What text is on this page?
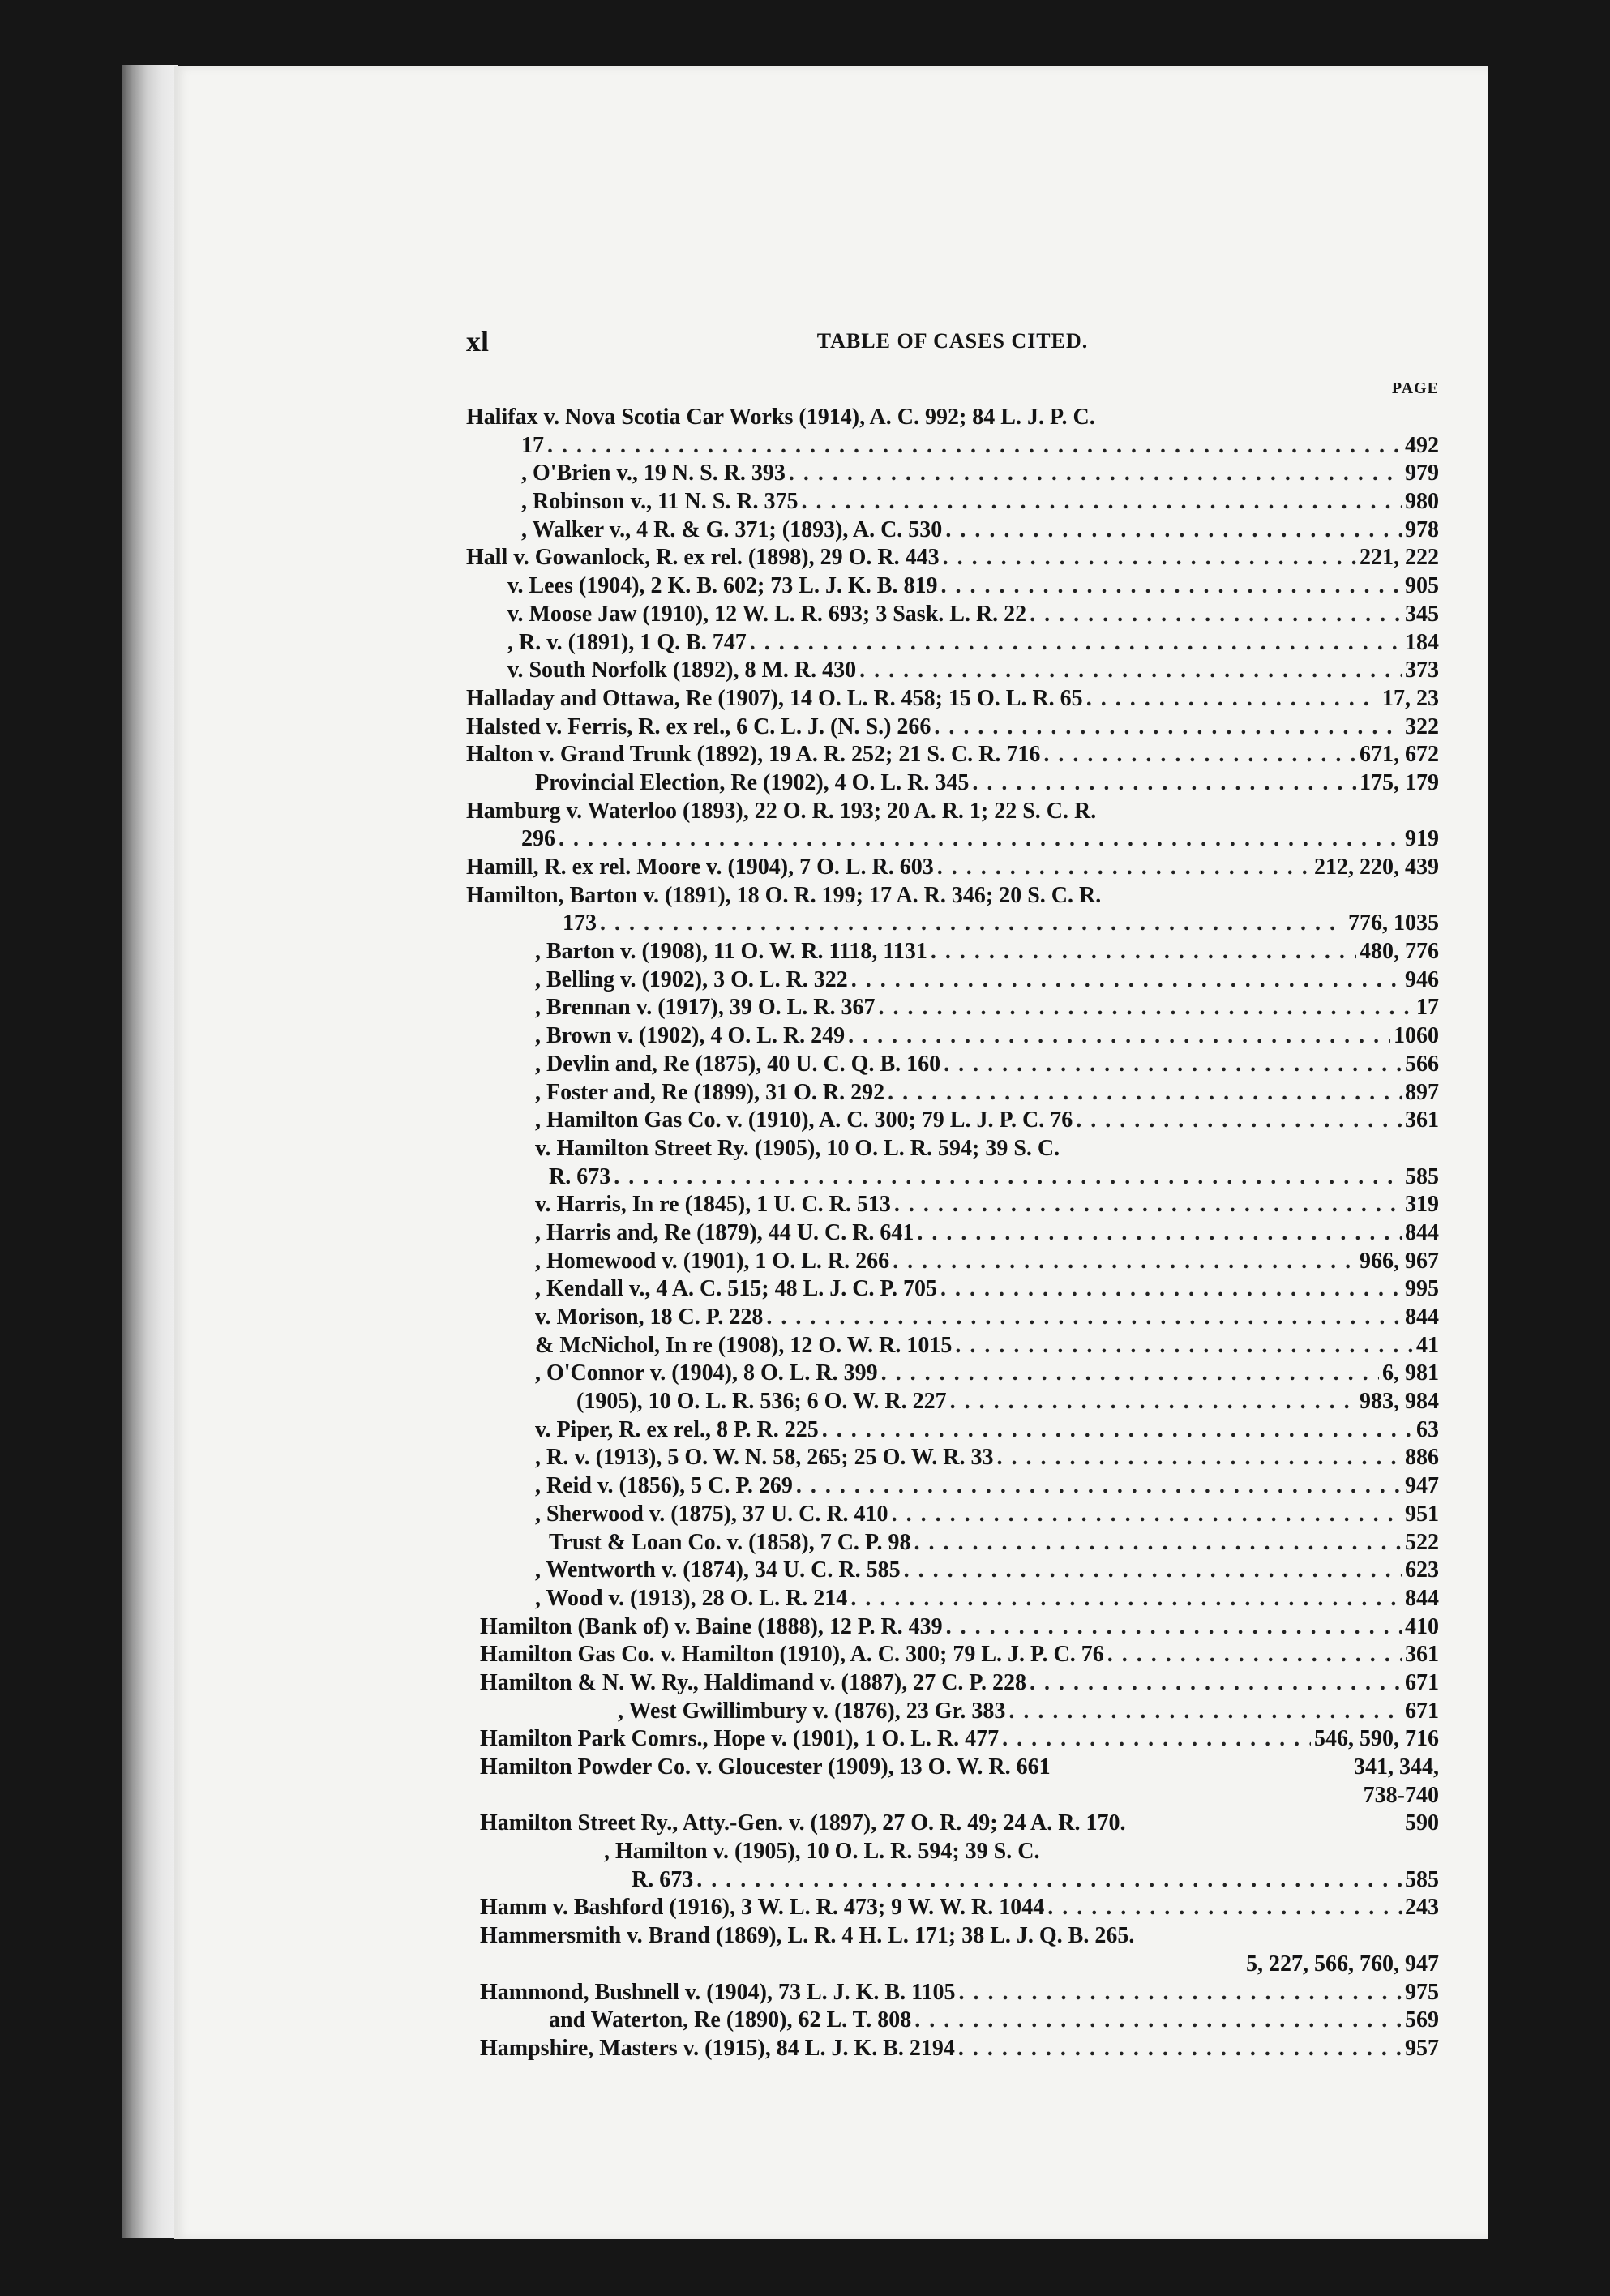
xl	TABLE OF CASES CITED.
PAGE
Halifax v. Nova Scotia Car Works (1914), A. C. 992; 84 L. J. P. C.
17 . . .	492
, O'Brien v., 19 N. S. R. 393 . . .	979
, Robinson v., 11 N. S. R. 375 . . .	980
, Walker v., 4 R. & G. 371; (1893), A. C. 530 . . .	978
Hall v. Gowanlock, R. ex rel. (1898), 29 O. R. 443 . . .	221, 222
v. Lees (1904), 2 K. B. 602; 73 L. J. K. B. 819 . . .	905
v. Moose Jaw (1910), 12 W. L. R. 693; 3 Sask. L. R. 22 . . .	345
, R. v. (1891), 1 Q. B. 747 . . .	184
v. South Norfolk (1892), 8 M. R. 430 . . .	373
Halladay and Ottawa, Re (1907), 14 O. L. R. 458; 15 O. L. R. 65 . . .	17, 23
Halsted v. Ferris, R. ex rel., 6 C. L. J. (N. S.) 266 . . .	322
Halton v. Grand Trunk (1892), 19 A. R. 252; 21 S. C. R. 716 . . .	671, 672
Provincial Election, Re (1902), 4 O. L. R. 345 . . .	175, 179
Hamburg v. Waterloo (1893), 22 O. R. 193; 20 A. R. 1; 22 S. C. R.
296 . . .	919
Hamill, R. ex rel. Moore v. (1904), 7 O. L. R. 603 . . .	212, 220, 439
Hamilton, Barton v. (1891), 18 O. R. 199; 17 A. R. 346; 20 S. C. R.
173 . . .	776, 1035
, Barton v. (1908), 11 O. W. R. 1118, 1131 . . .	480, 776
, Belling v. (1902), 3 O. L. R. 322 . . .	946
, Brennan v. (1917), 39 O. L. R. 367 . . .	17
, Brown v. (1902), 4 O. L. R. 249 . . .	1060
, Devlin and, Re (1875), 40 U. C. Q. B. 160 . . .	566
, Foster and, Re (1899), 31 O. R. 292 . . .	897
, Hamilton Gas Co. v. (1910), A. C. 300; 79 L. J. P. C. 76 . . .	361
v. Hamilton Street Ry. (1905), 10 O. L. R. 594; 39 S. C.
R. 673 . . .	585
v. Harris, In re (1845), 1 U. C. R. 513 . . .	319
, Harris and, Re (1879), 44 U. C. R. 641 . . .	844
, Homewood v. (1901), 1 O. L. R. 266 . . .	966, 967
, Kendall v., 4 A. C. 515; 48 L. J. C. P. 705 . . .	995
v. Morison, 18 C. P. 228 . . .	844
& McNichol, In re (1908), 12 O. W. R. 1015 . . .	41
, O'Connor v. (1904), 8 O. L. R. 399 . . .	6, 981
(1905), 10 O. L. R. 536; 6 O. W. R. 227 . . .	983, 984
v. Piper, R. ex rel., 8 P. R. 225 . . .	63
, R. v. (1913), 5 O. W. N. 58, 265; 25 O. W. R. 33 . . .	886
, Reid v. (1856), 5 C. P. 269 . . .	947
, Sherwood v. (1875), 37 U. C. R. 410 . . .	951
Trust & Loan Co. v. (1858), 7 C. P. 98 . . .	522
, Wentworth v. (1874), 34 U. C. R. 585 . . .	623
, Wood v. (1913), 28 O. L. R. 214 . . .	844
Hamilton (Bank of) v. Baine (1888), 12 P. R. 439 . . .	410
Hamilton Gas Co. v. Hamilton (1910), A. C. 300; 79 L. J. P. C. 76 . . .	361
Hamilton & N. W. Ry., Haldimand v. (1887), 27 C. P. 228 . . .	671
, West Gwillimbury v. (1876), 23 Gr. 383 . . .	671
Hamilton Park Comrs., Hope v. (1901), 1 O. L. R. 477 . . .	546, 590, 716
Hamilton Powder Co. v. Gloucester (1909), 13 O. W. R. 661	341, 344,
738-740
Hamilton Street Ry., Atty.-Gen. v. (1897), 27 O. R. 49; 24 A. R. 170.	590
, Hamilton v. (1905), 10 O. L. R. 594; 39 S. C.
R. 673 . . .	585
Hamm v. Bashford (1916), 3 W. L. R. 473; 9 W. W. R. 1044 . . .	243
Hammersmith v. Brand (1869), L. R. 4 H. L. 171; 38 L. J. Q. B. 265.
5, 227, 566, 760, 947
Hammond, Bushnell v. (1904), 73 L. J. K. B. 1105 . . .	975
and Waterton, Re (1890), 62 L. T. 808 . . .	569
Hampshire, Masters v. (1915), 84 L. J. K. B. 2194 . . .	957
